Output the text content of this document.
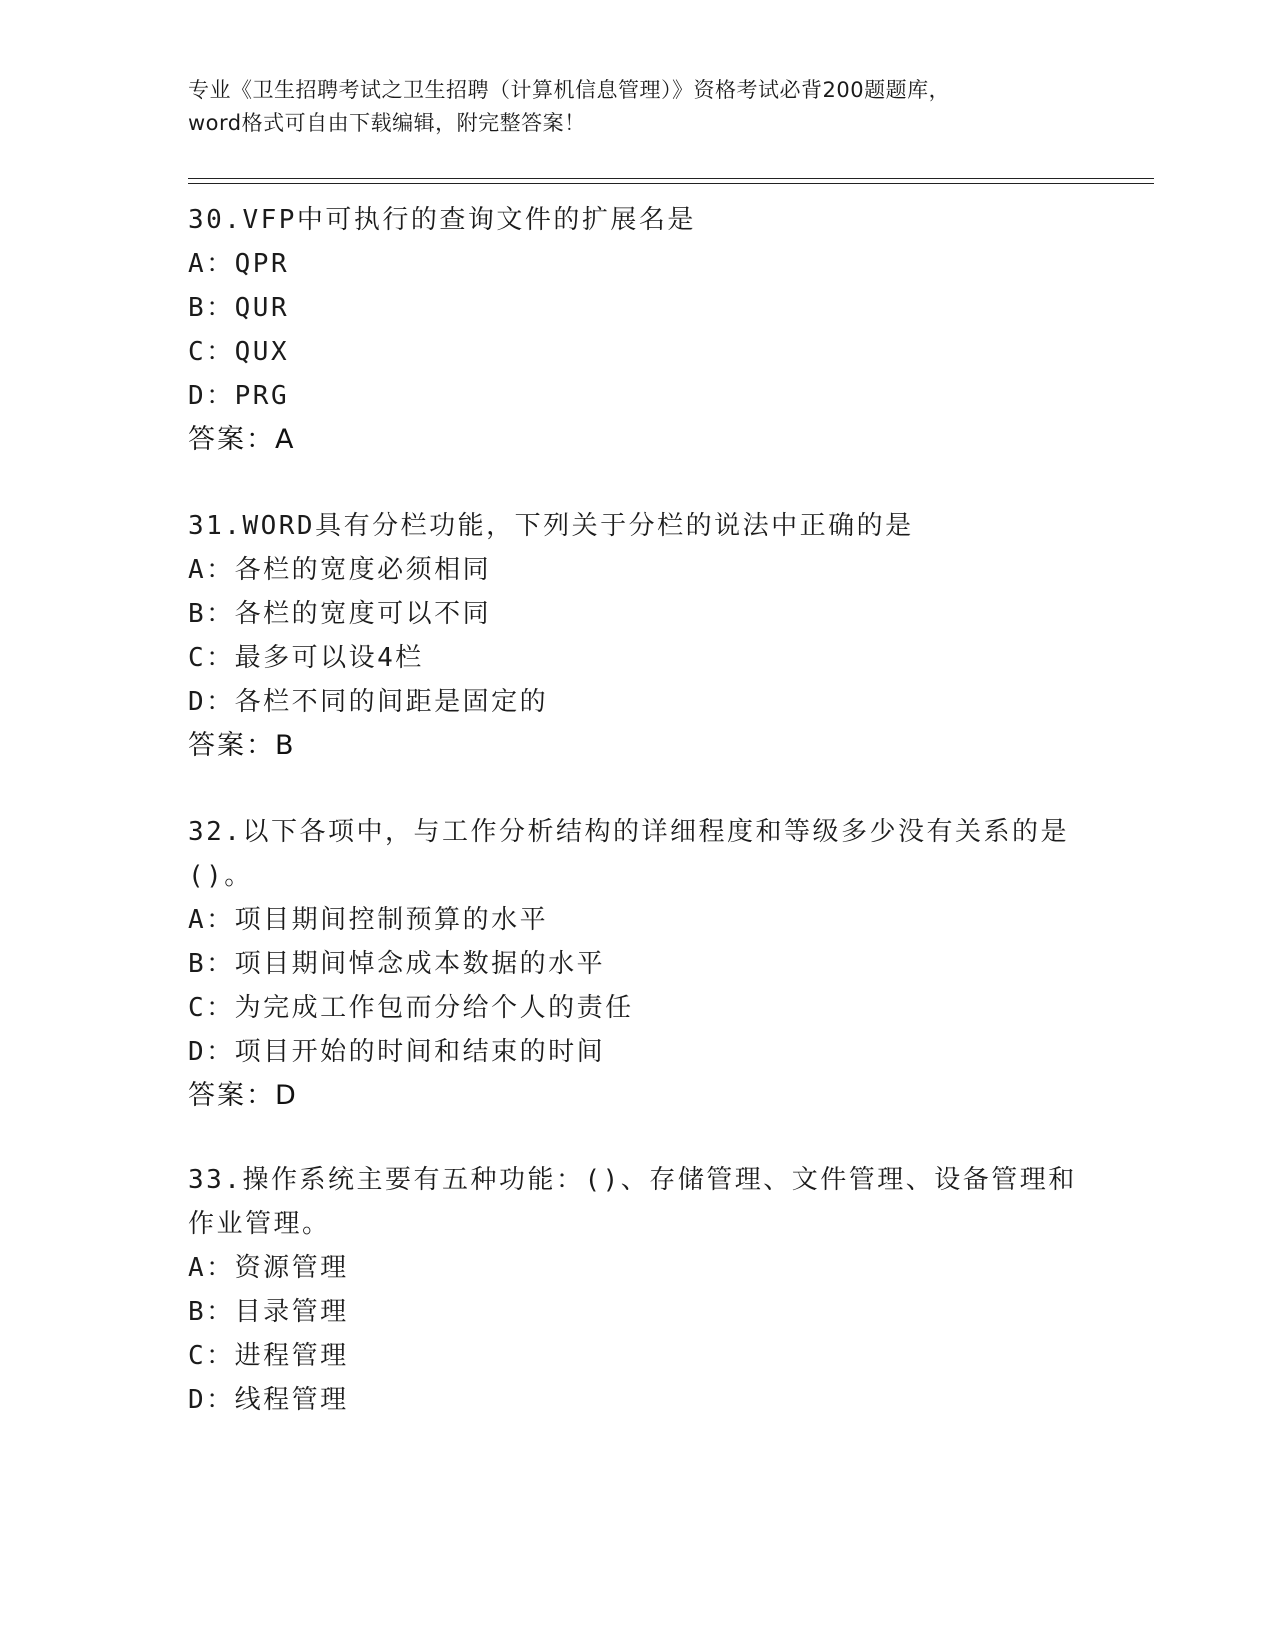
专业《卫生招聘考试之卫生招聘（计算机信息管理）》资格考试必背200题题库，
word格式可自由下载编辑，附完整答案！
30.VFP中可执行的查询文件的扩展名是
A：QPR
B：QUR
C：QUX
D：PRG
答案：A
31.WORD具有分栏功能，下列关于分栏的说法中正确的是
A：各栏的宽度必须相同
B：各栏的宽度可以不同
C：最多可以设4栏
D：各栏不同的间距是固定的
答案：B
32.以下各项中，与工作分析结构的详细程度和等级多少没有关系的是
()。
A：项目期间控制预算的水平
B：项目期间悼念成本数据的水平
C：为完成工作包而分给个人的责任
D：项目开始的时间和结束的时间
答案：D
33.操作系统主要有五种功能：()、存储管理、文件管理、设备管理和
作业管理。
A：资源管理
B：目录管理
C：进程管理
D：线程管理
